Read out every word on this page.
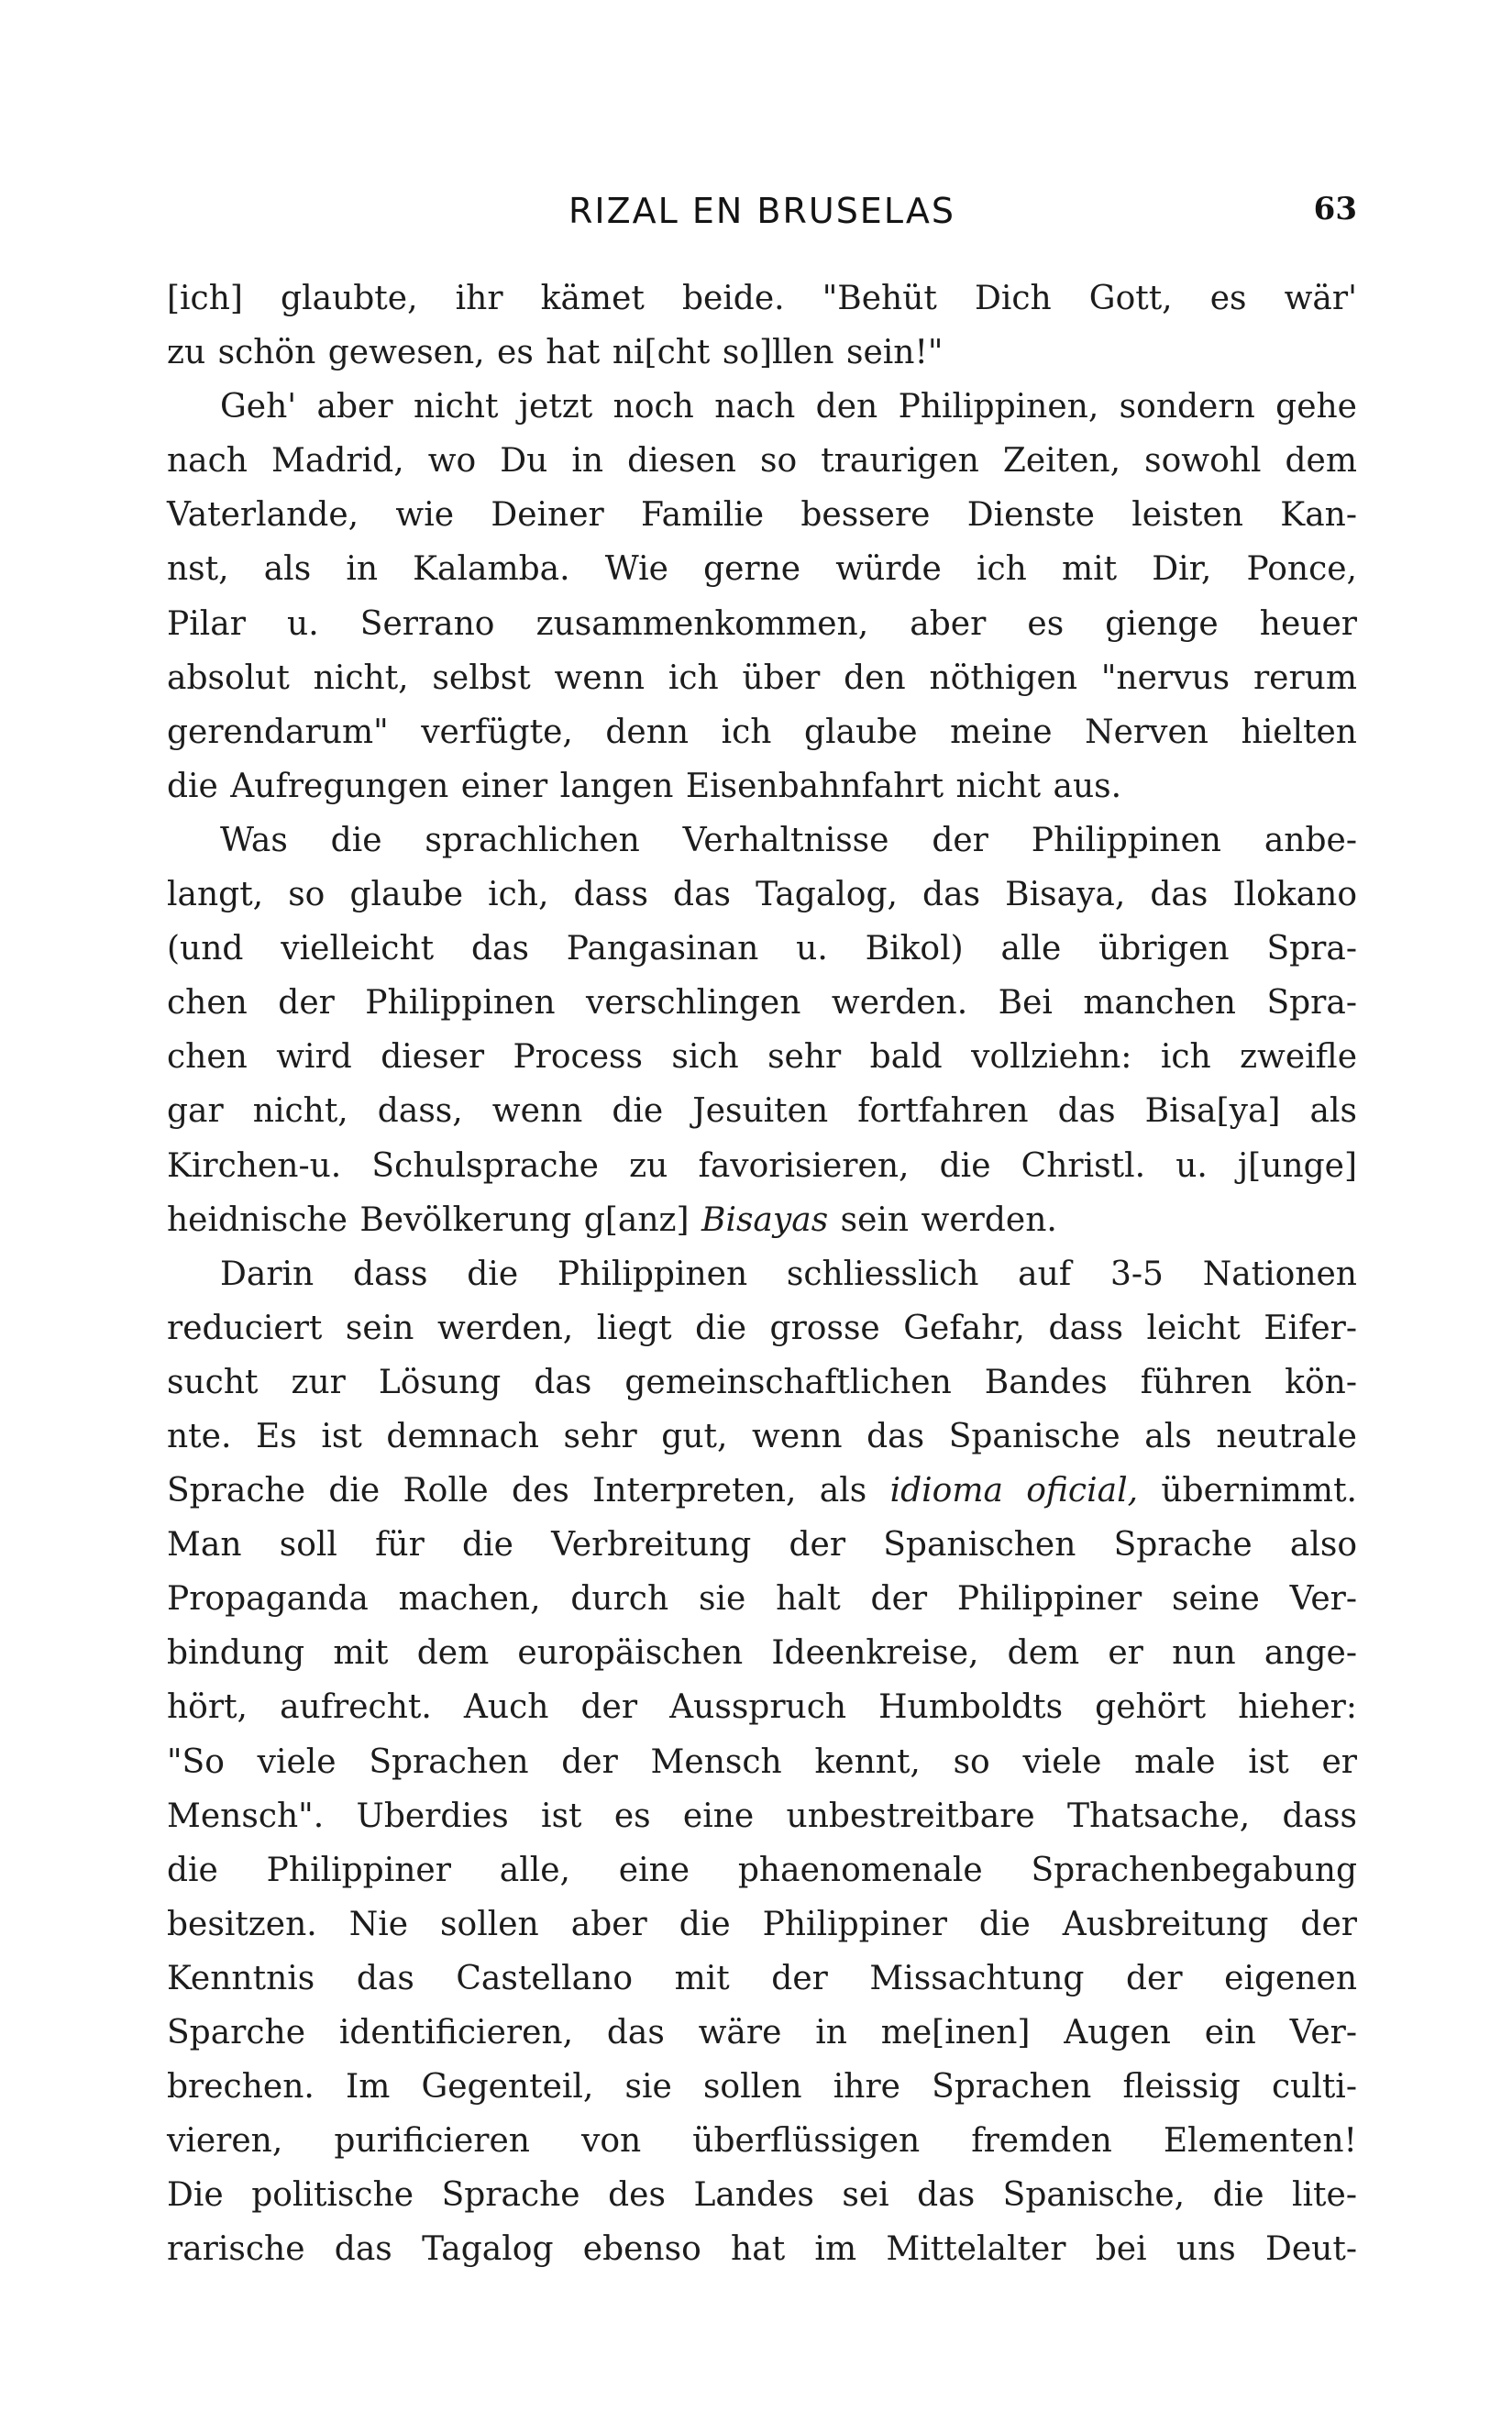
RIZAL EN BRUSELAS	63
[ich] glaubte, ihr kämet beide. "Behüt Dich Gott, es wär'
zu schön gewesen, es hat ni[cht so]llen sein!"
Geh' aber nicht jetzt noch nach den Philippinen, sondern gehe
nach Madrid, wo Du in diesen so traurigen Zeiten, sowohl dem
Vaterlande, wie Deiner Familie bessere Dienste leisten Kan-
nst, als in Kalamba. Wie gerne würde ich mit Dir, Ponce,
Pilar u. Serrano zusammenkommen, aber es gienge heuer
absolut nicht, selbst wenn ich über den nöthigen "nervus rerum
gerendarum" verfügte, denn ich glaube meine Nerven hielten
die Aufregungen einer langen Eisenbahnfahrt nicht aus.
Was die sprachlichen Verhaltnisse der Philippinen anbe-
langt, so glaube ich, dass das Tagalog, das Bisaya, das Ilokano
(und vielleicht das Pangasinan u. Bikol) alle übrigen Spra-
chen der Philippinen verschlingen werden. Bei manchen Spra-
chen wird dieser Process sich sehr bald vollziehn: ich zweifle
gar nicht, dass, wenn die Jesuiten fortfahren das Bisa[ya] als
Kirchen-u. Schulsprache zu favorisieren, die Christl. u. j[unge]
heidnische Bevölkerung g[anz] Bisayas sein werden.
Darin dass die Philippinen schliesslich auf 3-5 Nationen
reduciert sein werden, liegt die grosse Gefahr, dass leicht Eifer-
sucht zur Lösung das gemeinschaftlichen Bandes führen kön-
nte. Es ist demnach sehr gut, wenn das Spanische als neutrale
Sprache die Rolle des Interpreten, als idioma oficial, übernimmt.
Man soll für die Verbreitung der Spanischen Sprache also
Propaganda machen, durch sie halt der Philippiner seine Ver-
bindung mit dem europäischen Ideenkreise, dem er nun ange-
hört, aufrecht. Auch der Ausspruch Humboldts gehört hieher:
"So viele Sprachen der Mensch kennt, so viele male ist er
Mensch". Uberdies ist es eine unbestreitbare Thatsache, dass
die Philippiner alle, eine phaenomenale Sprachenbegabung
besitzen. Nie sollen aber die Philippiner die Ausbreitung der
Kenntnis das Castellano mit der Missachtung der eigenen
Sparche identificieren, das wäre in me[inen] Augen ein Ver-
brechen. Im Gegenteil, sie sollen ihre Sprachen fleissig culti-
vieren, purificieren von überflüssigen fremden Elementen!
Die politische Sprache des Landes sei das Spanische, die lite-
rarische das Tagalog ebenso hat im Mittelalter bei uns Deut-
